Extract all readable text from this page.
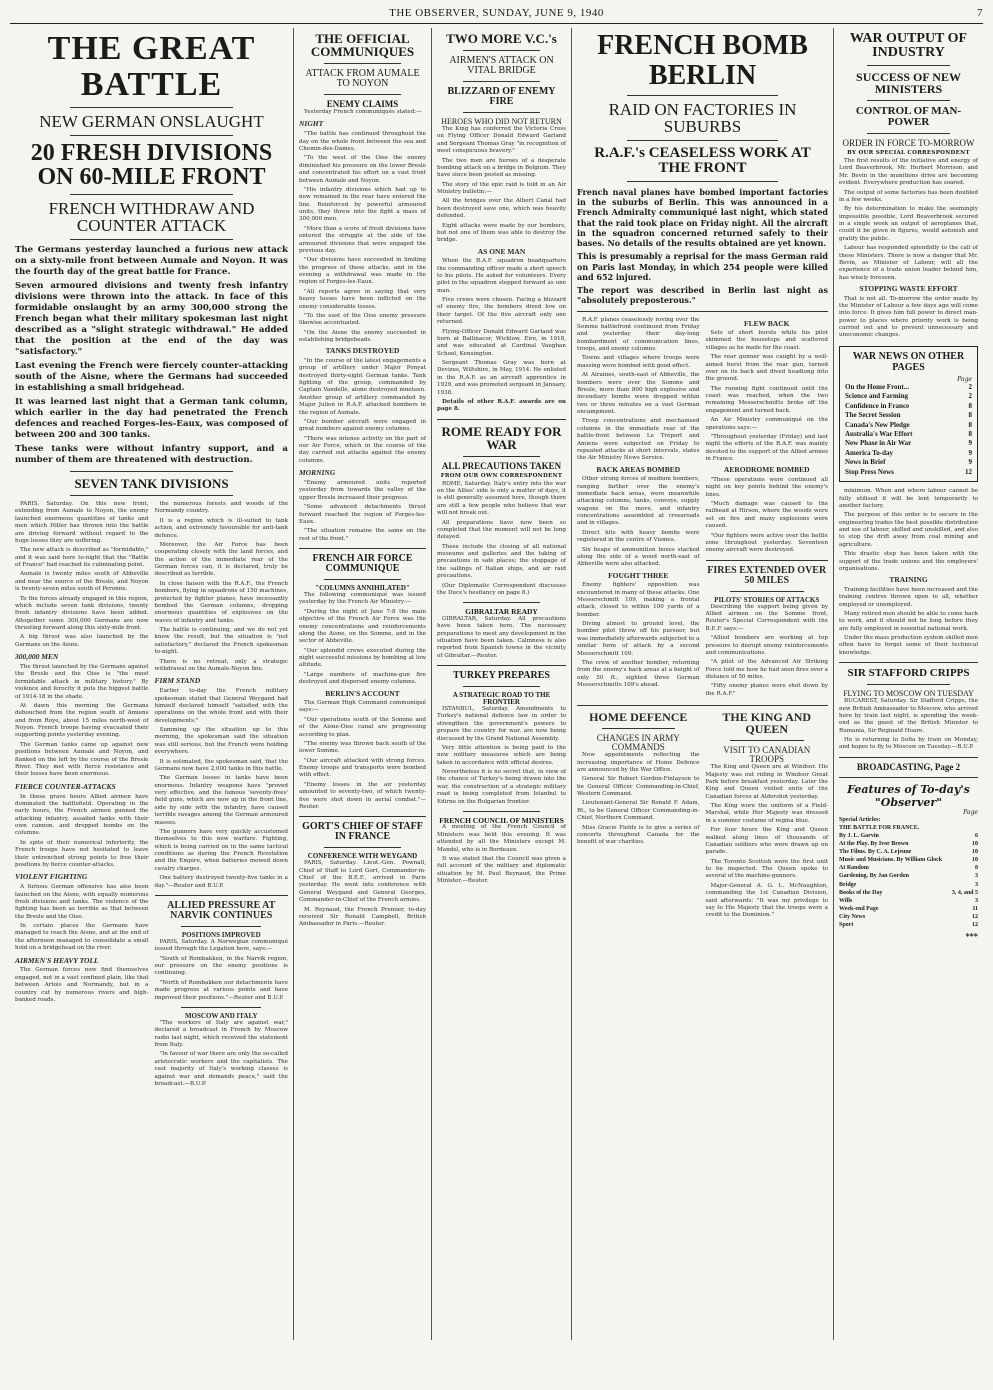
THE OBSERVER, SUNDAY, JUNE 9, 1940	7
THE GREAT
BATTLE
NEW GERMAN ONSLAUGHT
20 FRESH DIVISIONS ON 60-MILE FRONT
FRENCH WITHDRAW AND COUNTER ATTACK

The Germans yesterday launched a furious new attack on a sixty-mile front between Aumale and Noyon. It was the fourth day of the great battle for France.

Seven armoured divisions and twenty fresh infantry divisions were thrown into the attack. In face of this formidable onslaught by an army 300,000 strong the French began what their military spokesman last night described as a "slight strategic withdrawal." He added that the position at the end of the day was "satisfactory."

Last evening the French were fiercely counter-attacking south of the Aisne, where the Germans had succeeded in establishing a small bridgehead.

It was learned last night that a German tank column, which earlier in the day had penetrated the French defences and reached Forges-les-Eaux, was composed of between 200 and 300 tanks.

These tanks were without infantry support, and a number of them are threatened with destruction.

SEVEN TANK DIVISIONS

PARIS, Saturday. On this new front, extending from Aumale to Noyon, the enemy launched enormous quantities of tanks and men which Hitler has thrown into the battle are driving forward without regard to the huge losses they are suffering.

The new attack is described as "formidable," and it was said here to-night that the "Battle of France" had reached its culminating point.

Aumale is twenty miles south of Abbeville and near the source of the Bresle, and Noyon is twenty-seven miles south of Peronne.

To the forces already engaged in this region, which include seven tank divisions, twenty fresh infantry divisions have been added. Altogether some 300,000 Germans are now thrusting forward along this sixty-mile front.

A big thrust was also launched by the Germans on the Aisne.

300,000 MEN

The thrust launched by the Germans against the Bresle and the Oise is "the most formidable attack in military history." By violence and ferocity it puts the biggest battle of 1914-18 in the shade.

At dawn this morning the Germans debouched from the region south of Amiens and from Roye, about 15 miles north-west of Noyon. French troops having evacuated their supporting points yesterday evening.

The German tanks came up against new positions between Aumale and Noyon, and flanked on the left by the course of the Bresle River. They met with fierce resistance and their losses have been enormous.

FIERCE COUNTER-ATTACKS

In these grave hours Allied airmen have dominated the battlefield. Operating in the early hours, the French airmen gunned the attacking infantry, assailed tanks with their own cannon, and dropped bombs on the columns.

In spite of their numerical inferiority, the French troops have not hesitated to leave their entrenched strong points to free their positions by fierce counter-attacks.

VIOLENT FIGHTING

A furious German offensive has also been launched on the Aisne, with equally numerous fresh divisions and tanks. The violence of the fighting has been as terrible as that between the Bresle and the Oise.

In certain places the Germans have managed to reach the Aisne, and at the end of the afternoon managed to consolidate a small hold on a bridgehead on the river.

AIRMEN'S HEAVY TOLL

The German forces now find themselves engaged, not in a vast confined plain, like that between Artois and Normandy, but in a country cut by numerous rivers and high-banked roads.

the numerous forests and woods of the Normandy country.

It is a region which is ill-suited to tank action, and extremely favourable for anti-tank defence.

Moreover, the Air Force has been cooperating closely with the land forces, and the action of the immediate rear of the German forces can, it is declared, truly be described as terrible.

In close liaison with the R.A.F., the French bombers, flying in squadrons of 150 machines, protected by fighter planes, have incessantly bombed the German columns, dropping enormous quantities of explosives on the waves of infantry and tanks.

The battle is continuing, and we do not yet know the result, but the situation is "not satisfactory," declared the French spokesman to-night.

There is no retreat, only a strategic withdrawal on the Aumale-Noyon line.

FIRM STAND

Earlier to-day the French military spokesman stated that General Weygand had himself declared himself "satisfied with the operations on the whole front and with their developments."

Summing up the situation up to this morning, the spokesman said the situation was still serious, but the French were holding everywhere.

It is estimated, the spokesman said, that the Germans now have 2,000 tanks in this battle.

The German losses in tanks have been enormous. Infantry weapons have "proved very effective, and the famous 'seventy-fives' field guns, which are now up in the front line, side by side with the infantry, have caused terrible ravages among the German armoured masses.

The gunners have very quickly accustomed themselves to this new warfare. Fighting, which is being carried on in the same tactical conditions as during the French Revolution and the Empire, when batteries mowed down cavalry charges.

One battery destroyed twenty-five tanks in a day."—Reuter and B.U.P.

ALLIED PRESSURE AT NARVIK CONTINUES
POSITIONS IMPROVED

PARIS, Saturday. A Norwegian communiqué issued through the Legation here, says:—

"South of Rombakken, in the Narvik region, our pressure on the enemy positions is continuing.

"North of Rombakken our detachments have made progress at various points and have improved their positions."—Reuter and B.U.P.

MOSCOW AND ITALY

"The workers of Italy are against war," declared a broadcast in French by Moscow radio last night, which received the statement from Italy.

"In favour of war there are only the so-called aristocratic workers and the capitalists. The vast majority of Italy's working classes is against war and demands peace," said the broadcast.—B.U.P.

THE OFFICIAL COMMUNIQUES
ATTACK FROM AUMALE TO NOYON
ENEMY CLAIMS

Yesterday French communiqués stated:—

NIGHT

"The battle has continued throughout the day on the whole front between the sea and Chemin-des-Dames.

"To the west of the Oise the enemy diminished his pressure on the lower Bresle and concentrated his effort on a vast front between Aumale and Noyon.

"His infantry divisions which had up to now remained in the rear have entered the line. Reinforced by powerful armoured units, they threw into the fight a mass of 300,000 men.

"More than a score of fresh divisions have entered the struggle at the side of the armoured divisions that were engaged the previous day.

"Our divisions have succeeded in limiting the progress of these attacks, and in the evening a withdrawal was made in the region of Forges-les-Eaux.

"All reports agree in saying that very heavy losses have been inflicted on the enemy considerable losses.

"To the east of the Oise enemy pressure likewise accentuated.

"On the Aisne the enemy succeeded in establishing bridgeheads.

TANKS DESTROYED

"In the course of the latest engagements a group of artillery under Major Ponyat destroyed thirty-eight German tanks. Tank fighting of the group, commanded by Captain Vandelle, alone destroyed nineteen. Another group of artillery commanded by Major Julien in R.A.F. attacked bombers in the region of Aumale.

"Our bomber aircraft were engaged in great numbers against enemy columns.

"There was intense activity on the part of our Air Force, which in the course of the day carried out attacks against the enemy columns.

MORNING

"Enemy armoured units reported yesterday from towards the valley of the upper Bresle increased their progress.

"Some advanced detachments thrust forward reached the region of Forges-les-Eaux.

"The situation remains the same on the rest of the front."

FRENCH AIR FORCE COMMUNIQUE
"COLUMNS ANNIHILATED"

The following communiqué was issued yesterday by the French Air Ministry:—

"During the night of June 7-8 the main objective of the French Air Force was the enemy concentrations and reinforcements along the Aisne, on the Somme, and in the sector of Abbeville.

"Our splendid crews executed during the night successful missions by bombing at low altitude.

"Large numbers of machine-gun fire destroyed and dispersed enemy columns.

BERLIN'S ACCOUNT

The German High Command communiqué says:—

"Our operations south of the Somme and of the Aisne-Oise canal are progressing according to plan.

"The enemy was thrown back south of the lower Somme.

"Our aircraft attacked with strong forces. Enemy troops and transports were bombed with effect.

"Enemy losses in the air yesterday amounted to seventy-two, of which twenty-five were shot down in aerial combat."—Reuter.

GORT'S CHIEF OF STAFF IN FRANCE
CONFERENCE WITH WEYGAND

PARIS, Saturday. Lieut.-Gen. Pownall, Chief of Staff to Lord Gort, Commander-in-Chief of the B.E.F., arrived in Paris yesterday. He went into conference with General Weygand and General Georges, Commander-in-Chief of the French armies.

M. Reynaud, the French Premier, to-day received Sir Ronald Campbell, British Ambassador in Paris.—Reuter.

TWO MORE V.C.'s
AIRMEN'S ATTACK ON VITAL BRIDGE
BLIZZARD OF ENEMY FIRE
HEROES WHO DID NOT RETURN

The King has conferred the Victoria Cross on Flying Officer Donald Edward Garland and Sergeant Thomas Gray "in recognition of most conspicuous bravery."

The two men are heroes of a desperate bombing attack on a bridge in Belgium. They have since been posted as missing.

The story of the epic raid is told in an Air Ministry bulletin:—

All the bridges over the Albert Canal had been destroyed save one, which was heavily defended.

Eight attacks were made by our bombers, but not one of them was able to destroy the bridge.

AS ONE MAN

When the R.A.F. squadron headquarters the commanding officer made a short speech to his pilots. He asked for volunteers. Every pilot in the squadron stepped forward as one man.

Five crews were chosen. Facing a blizzard of enemy fire, the bombers dived low on their target. Of the five aircraft only one returned.

Flying-Officer Donald Edward Garland was born at Ballinacor, Wicklow, Eire, in 1918, and was educated at Cardinal Vaughan School, Kensington.

Sergeant Thomas Gray was born at Devizes, Wiltshire, in May, 1914. He enlisted in the R.A.F. as an aircraft apprentice in 1929, and was promoted sergeant in January, 1938.

Details of other R.A.F. awards are on page 8.

ROME READY FOR WAR
ALL PRECAUTIONS TAKEN
FROM OUR OWN CORRESPONDENT

ROME, Saturday. Italy's entry into the war on the Allies' side is only a matter of days, it is still generally assumed here, though there are still a few people who believe that war will not break out.

All preparations have now been so completed that the moment will not be long delayed.

These include the closing of all national museums and galleries and the taking of precautions in safe places; the stoppage of the sailings of Italian ships, and air raid precautions.

(Our Diplomatic Correspondent discusses the Duce's hesitancy on page 8.)

GIBRALTAR READY

GIBRALTAR, Saturday. All precautions have been taken here. The necessary preparations to meet any development in the situation have been taken. Calmness is also reported from Spanish towns in the vicinity of Gibraltar.—Reuter.

TURKEY PREPARES
A STRATEGIC ROAD TO THE FRONTIER

ISTANBUL, Saturday. Amendments to Turkey's national defence law in order to strengthen the government's powers to prepare the country for war, are now being discussed by the Grand National Assembly.

Very little attention is being paid to the new military measures which are being taken in accordance with official desires.

Nevertheless it is no secret that, in view of the chance of Turkey's being drawn into the war, the construction of a strategic military road is being completed from Istanbul to Edirne on the Bulgarian frontier.

FRENCH COUNCIL OF MINISTERS

A meeting of the French Council of Ministers was held this evening. It was attended by all the Ministers except M. Mandel, who is in Bordeaux.

It was stated that the Council was given a full account of the military and diplomatic situation by M. Paul Reynaud, the Prime Minister.—Reuter.

FRENCH BOMB
BERLIN
RAID ON FACTORIES IN SUBURBS
R.A.F.'s CEASELESS WORK AT THE FRONT

French naval planes have bombed important factories in the suburbs of Berlin. This was announced in a French Admiralty communiqué last night, which stated that the raid took place on Friday night. All the aircraft in the squadron concerned returned safely to their bases. No details of the results obtained are yet known.

This is presumably a reprisal for the mass German raid on Paris last Monday, in which 254 people were killed and 652 injured.

The report was described in Berlin last night as "absolutely preposterous."

R.A.F. planes ceaselessly roving over the Somme battlefront continued from Friday and yesterday their day-long bombardment of communication lines, troops, and enemy columns.

Towns and villages where troops were massing were bombed with good effect.

At Airaines, south-east of Abbeville, the bombers were over the Somme and Bresle, more than 800 high explosive and incendiary bombs were dropped within two or three minutes on a vast German encampment.

Troop concentrations and mechanised columns in the immediate rear of the battle-front between Le Tréport and Amiens were subjected on Friday to repeated attacks at short intervals, states the Air Ministry News Service.

BACK AREAS BOMBED

Other strong forces of medium bombers, ranging farther over the enemy's immediate back areas, were meanwhile attacking columns, tanks, convoys, supply wagons on the move, and infantry concentrations assembled at crossroads and in villages.

Direct hits with heavy bombs were registered in the centre of Vismes.

Six heaps of ammunition boxes stacked along the side of a wood north-east of Abbeville were also attacked.

FOUGHT THREE

Enemy fighters' opposition was encountered in many of these attacks. One Messerschmitt 109, making a frontal attack, closed to within 100 yards of a bomber.

Diving almost to ground level, the bomber pilot threw off his pursuer, but was immediately afterwards subjected to a similar form of attack by a second Messerschmitt 109.

The crew of another bomber, returning from the enemy's back areas at a height of only 50 ft., sighted three German Messerschmitts 109's ahead.

FLEW BACK

Sets of short bursts while his pilot skimmed the housetops and scattered villages as he made for the coast.

The rear gunner was caught by a well-aimed burst from the rear gun, turned over on its back and dived headlong into the ground.

The running fight continued until the coast was reached, when the two remaining Messerschmitts broke off the engagement and turned back.

An Air Ministry communiqué on the operations says:—

"Throughout yesterday (Friday) and last night the efforts of the R.A.F. was mainly devoted to the support of the Allied armies in France.

AERODROME BOMBED

"These operations were continued all night on key points behind the enemy's lines.

"Much damage was caused to the railhead at Hirson, where the woods were set on fire and many explosions were caused.

"Our fighters were active over the battle zone throughout yesterday. Seventeen enemy aircraft were destroyed.

FIRES EXTENDED OVER 50 MILES
PILOTS' STORIES OF ATTACKS

Describing the support being given by Allied airmen on the Somme front, Reuter's Special Correspondent with the B.E.F. says:—

"Allied bombers are working at top pressure to disrupt enemy reinforcements and communications.

"A pilot of the Advanced Air Striking Force told me how he had seen fires over a distance of 50 miles.

"Fifty enemy planes were shot down by the R.A.F."

HOME DEFENCE
CHANGES IN ARMY COMMANDS

New appointments reflecting the increasing importance of Home Defence are announced by the War Office.

General Sir Robert Gordon-Finlayson to be General Officer Commanding-in-Chief, Western Command.

Lieutenant-General Sir Ronald F. Adam, Bt., to be General Officer Commanding-in-Chief, Northern Command.

Miss Gracie Fields is to give a series of concerts throughout Canada for the benefit of war charities.

THE KING AND QUEEN
VISIT TO CANADIAN TROOPS

The King and Queen are at Windsor. His Majesty was out riding in Windsor Great Park before breakfast yesterday. Later the King and Queen visited units of the Canadian forces at Aldershot yesterday.

The King wore the uniform of a Field-Marshal, while Her Majesty was dressed in a summer costume of regina blue.

For four hours the King and Queen walked along lines of thousands of Canadian soldiers who were drawn up on parade.

The Toronto Scottish were the first unit to be inspected. The Queen spoke to several of the machine-gunners.

Major-General A. G. L. McNaughton, commanding the 1st Canadian Division, said afterwards: "It was my privilege to say to His Majesty that the troops were a credit to the Dominion."

WAR OUTPUT OF INDUSTRY
SUCCESS OF NEW MINISTERS
CONTROL OF MAN-POWER
ORDER IN FORCE TO-MORROW
BY OUR SPECIAL CORRESPONDENT

The first results of the initiative and energy of Lord Beaverbrook, Mr. Herbert Morrison, and Mr. Bevin in the munitions drive are becoming evident. Everywhere production has soared.

The output of some factories has been doubled in a few weeks.

By his determination to make the seemingly impossible possible, Lord Beaverbrook secured in a single week an output of aeroplanes that, could it be given in figures, would astonish and gratify the public.

Labour has responded splendidly to the call of these Ministers. There is now a danger that Mr. Bevin, as Minister of Labour, will all the experience of a trade union leader behind him, has wisely foreseen.

STOPPING WASTE EFFORT

That is not all. To-morrow the order made by the Minister of Labour a few days ago will come into force. It gives him full power to direct man-power to places where priority work is being carried out and to prevent unnecessary and uneconomic changes.

WAR NEWS ON OTHER PAGES
Page
On the Home Front...	2
Science and Farming	2
Confidence in France	8
The Secret Session	8
Canada's New Pledge	8
Australia's War Effort	8
New Phase in Air War	9
America To-day	9
News in Brief	9
Stop Press News	12

minimum. When and where labour cannot be fully utilised it will be lent temporarily to another factory.

The purpose of this order is to secure in the engineering trades the best possible distribution and use of labour, skilled and unskilled, and also to stop the drift away from coal mining and agriculture.

This drastic step has been taken with the support of the trade unions and the employers' organisations.

TRAINING

Training facilities have been increased and the training centres thrown open to all, whether employed or unemployed.

Many retired men should be able to come back to work, and it should not be long before they are fully employed in essential national work.

Under the mass production system skilled men often have to forget some of their technical knowledge.

SIR STAFFORD CRIPPS
FLYING TO MOSCOW ON TUESDAY

BUCAREST, Saturday. Sir Stafford Cripps, the new British Ambassador to Moscow, who arrived here by train last night, is spending the week-end as the guest of the British Minister to Rumania, Sir Reginald Hoare.

He is returning to Sofia by train on Monday, and hopes to fly to Moscow on Tuesday.—B.U.P.

BROADCASTING, Page 2
Features of To-day's "Observer"
Page
Special Articles:
THE BATTLE FOR FRANCE.
By J. L. Garvin	6
At the Play. By Ivor Brown	10
The Films. By C. A. Lejeune	10
Music and Musicians. By William Glock	10
At Random	8
Gardening. By Jan Gordon	3
Bridge	3
Books of the Day	3, 4, and 5
Wills	3
Week-end Page	11
City News	12
Sport	12
***
